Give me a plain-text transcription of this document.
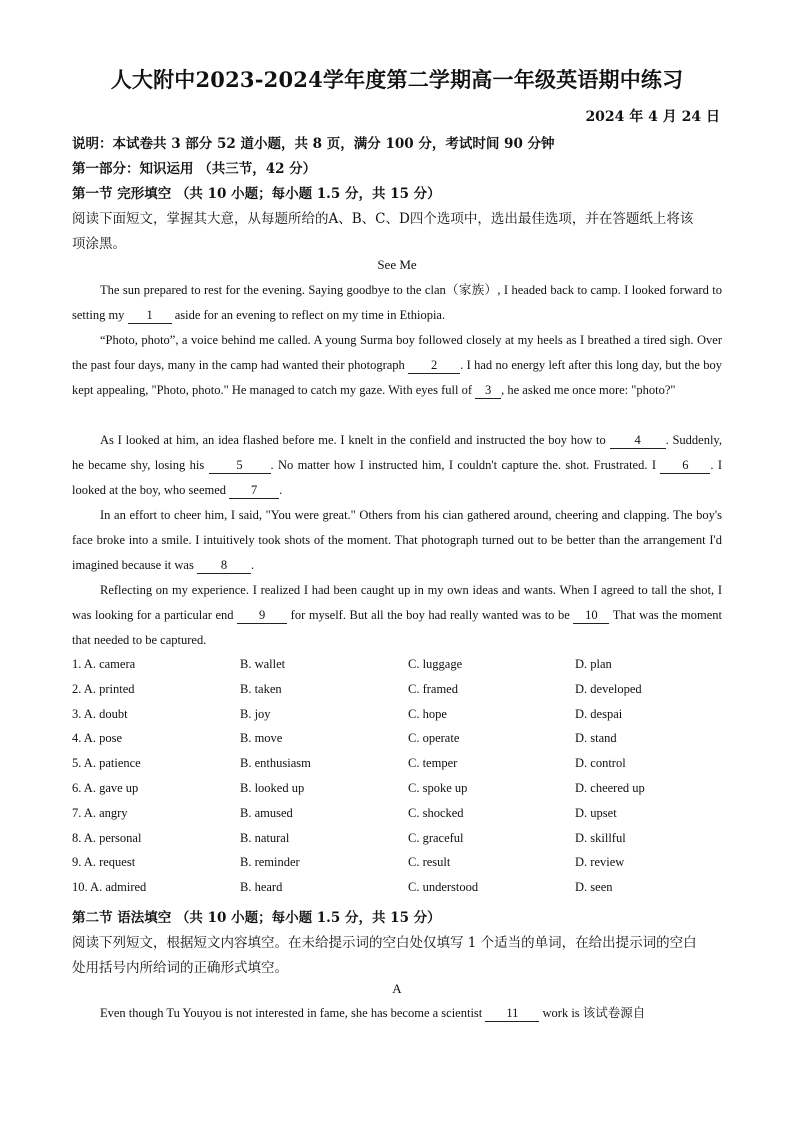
人大附中2023-2024学年度第二学期高一年级英语期中练习
2024 年 4 月 24 日
说明：本试卷共 3 部分 52 道小题，共 8 页，满分 100 分，考试时间 90 分钟
第一部分：知识运用 （共三节，42 分）
第一节 完形填空 （共 10 小题；每小题 1.5 分，共 15 分）
阅读下面短文，掌握其大意，从每题所给的A、B、C、D四个选项中，选出最佳选项，并在答题纸上将该
项涂黑。
See Me
The sun prepared to rest for the evening. Saying goodbye to the clan（家族）, I headed back to camp. I looked forward to setting my 1 aside for an evening to reflect on my time in Ethiopia.
“Photo, photo”, a voice behind me called. A young Surma boy followed closely at my heels as I breathed a tired sigh. Over the past four days, many in the camp had wanted their photograph 2 . I had no energy left after this long day, but the boy kept appealing, "Photo, photo." He managed to catch my gaze. With eyes full of 3 , he asked me once more: "photo?"
As I looked at him, an idea flashed before me. I knelt in the confield and instructed the boy how to 4 . Suddenly, he became shy, losing his 5 . No matter how I instructed him, I couldn't capture the. shot. Frustrated. I 6 . I looked at the boy, who seemed 7 .
In an effort to cheer him, I said, "You were great." Others from his cian gathered around, cheering and clapping. The boy's face broke into a smile. I intuitively took shots of the moment. That photograph turned out to be better than the arrangement I'd imagined because it was 8 .
Reflecting on my experience. I realized I had been caught up in my own ideas and wants. When I agreed to tall the shot, I was looking for a particular end 9 for myself. But all the boy had really wanted was to be 10 That was the moment that needed to be captured.
1. A. camera	B. wallet	C. luggage	D. plan
2. A. printed	B. taken	C. framed	D. developed
3. A. doubt	B. joy	C. hope	D. despai
4. A. pose	B. move	C. operate	D. stand
5. A. patience	B. enthusiasm	C. temper	D. control
6. A. gave up	B. looked up	C. spoke up	D. cheered up
7. A. angry	B. amused	C. shocked	D. upset
8. A. personal	B. natural	C. graceful	D. skillful
9. A. request	B. reminder	C. result	D. review
10. A. admired	B. heard	C. understood	D. seen
第二节 语法填空 （共 10 小题；每小题 1.5 分，共 15 分）
阅读下列短文，根据短文内容填空。在未给提示词的空白处仅填写 1 个适当的单词，在给出提示词的空白
处用括号内所给词的正确形式填空。
A
Even though Tu Youyou is not interested in fame, she has become a scientist 11 work is 该试卷源自
